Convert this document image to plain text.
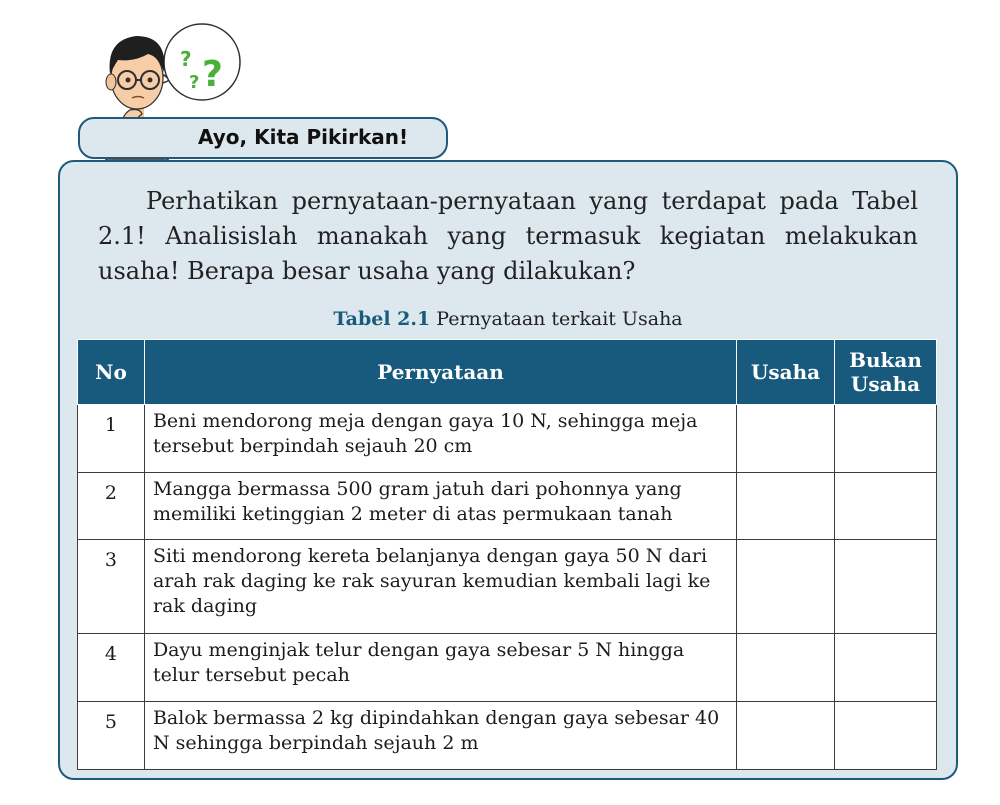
?
? ?
Ayo, Kita Pikirkan!

Perhatikan pernyataan-pernyataan yang terdapat pada Tabel 2.1! Analisislah manakah yang termasuk kegiatan melakukan usaha! Berapa besar usaha yang dilakukan?

Tabel 2.1 Pernyataan terkait Usaha
No	Pernyataan	Usaha	Bukan
Usaha
1	Beni mendorong meja dengan gaya 10 N, sehingga meja tersebut berpindah sejauh 20 cm		
2	Mangga bermassa 500 gram jatuh dari pohonnya yang memiliki ketinggian 2 meter di atas permukaan tanah		
3	Siti mendorong kereta belanjanya dengan gaya 50 N dari arah rak daging ke rak sayuran kemudian kembali lagi ke rak daging		
4	Dayu menginjak telur dengan gaya sebesar 5 N hingga telur tersebut pecah		
5	Balok bermassa 2 kg dipindahkan dengan gaya sebesar 40 N sehingga berpindah sejauh 2 m		
